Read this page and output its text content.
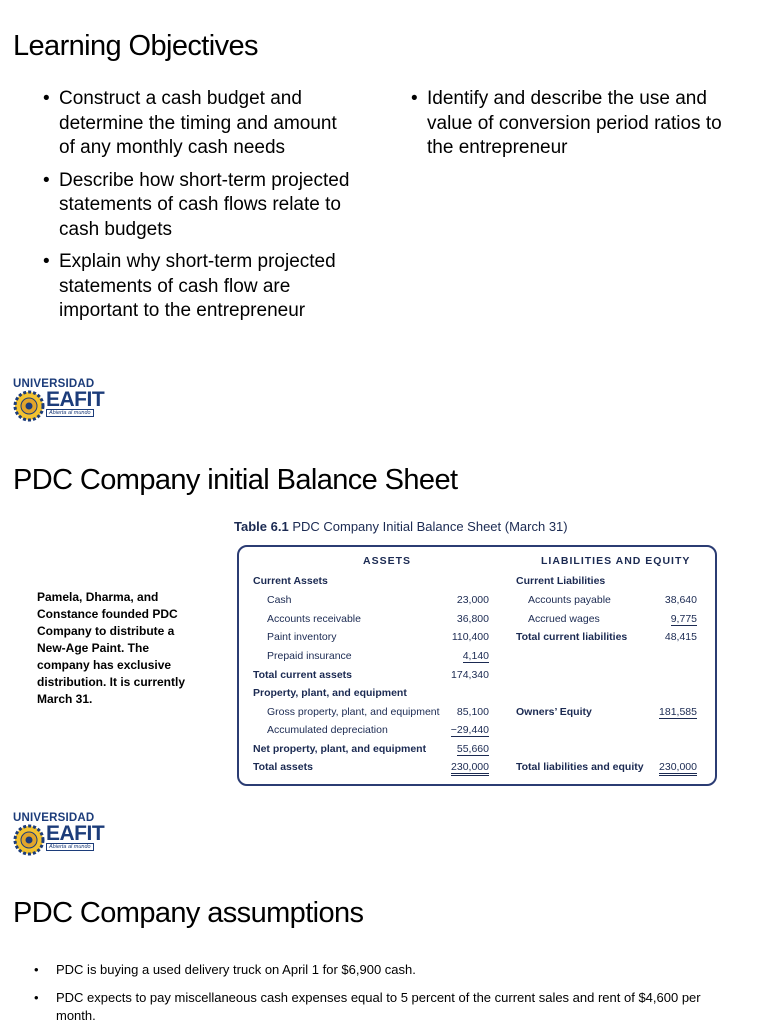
Learning Objectives
• Construct a cash budget and determine the timing and amount of any monthly cash needs
• Describe how short-term projected statements of cash flows relate to cash budgets
• Explain why short-term projected statements of cash flow are important to the entrepreneur
• Identify and describe the use and value of conversion period ratios to the entrepreneur
UNIVERSIDAD
EAFIT
Abierta al mundo
PDC Company initial Balance Sheet
Pamela, Dharma, and Constance founded PDC Company to distribute a New-Age Paint. The company has exclusive distribution. It is currently March 31.
Table 6.1 PDC Company Initial Balance Sheet (March 31)
ASSETS	LIABILITIES AND EQUITY
Current Assets
Cash	23,000
Accounts receivable	36,800
Paint inventory	110,400
Prepaid insurance	4,140
Total current assets	174,340
Property, plant, and equipment
Gross property, plant, and equipment 85,100
Accumulated depreciation	−29,440
Net property, plant, and equipment	55,660
Total assets	230,000
Current Liabilities
Accounts payable	38,640
Accrued wages	9,775
Total current liabilities	48,415
Owners’ Equity	181,585
Total liabilities and equity 230,000
UNIVERSIDAD
EAFIT
Abierta al mundo
PDC Company assumptions
• PDC is buying a used delivery truck on April 1 for $6,900 cash.
• PDC expects to pay miscellaneous cash expenses equal to 5 percent of the current sales and rent of $4,600 per month.
